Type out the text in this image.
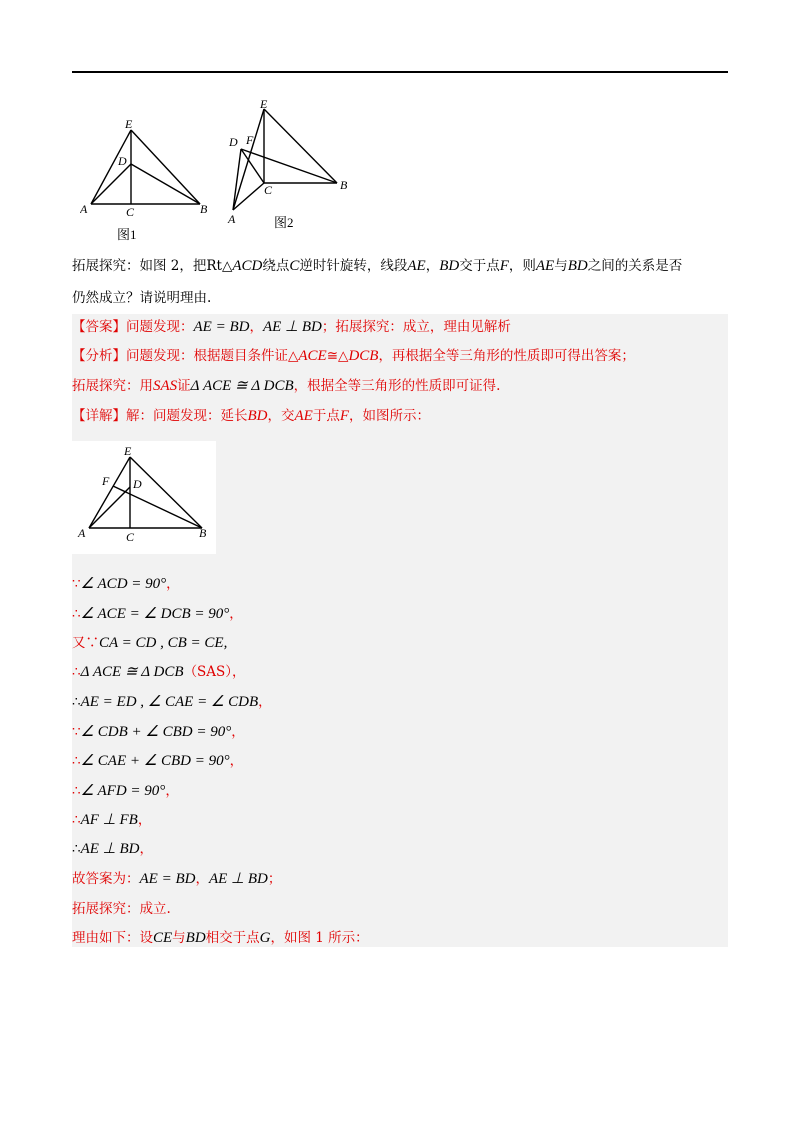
E
D
A	C	B
图1
E
D F
C	B
A	图2
拓展探究：如图 2，把Rt△ACD绕点C逆时针旋转，线段AE，BD交于点F，则AE与BD之间的关系是否
仍然成立？请说明理由.
【答案】问题发现：AE = BD，AE ⊥ BD；拓展探究：成立，理由见解析
【分析】问题发现：根据题目条件证△ACE≅△DCB，再根据全等三角形的性质即可得出答案；
拓展探究：用SAS证Δ ACE ≅ Δ DCB，根据全等三角形的性质即可证得.
【详解】解：问题发现：延长BD，交AE于点F，如图所示：
E
F D
A	C	B
∵∠ ACD = 90°，
∴∠ ACE = ∠ DCB = 90°，
又∵CA = CD , CB = CE,
∴Δ ACE ≅ Δ DCB（SAS），
∴AE = ED , ∠ CAE = ∠ CDB，
∵∠ CDB + ∠ CBD = 90°，
∴∠ CAE + ∠ CBD = 90°，
∴∠ AFD = 90°，
∴AF ⊥ FB，
∴AE ⊥ BD，
故答案为：AE = BD，AE ⊥ BD；
拓展探究：成立.
理由如下：设CE与BD相交于点G，如图 1 所示：
